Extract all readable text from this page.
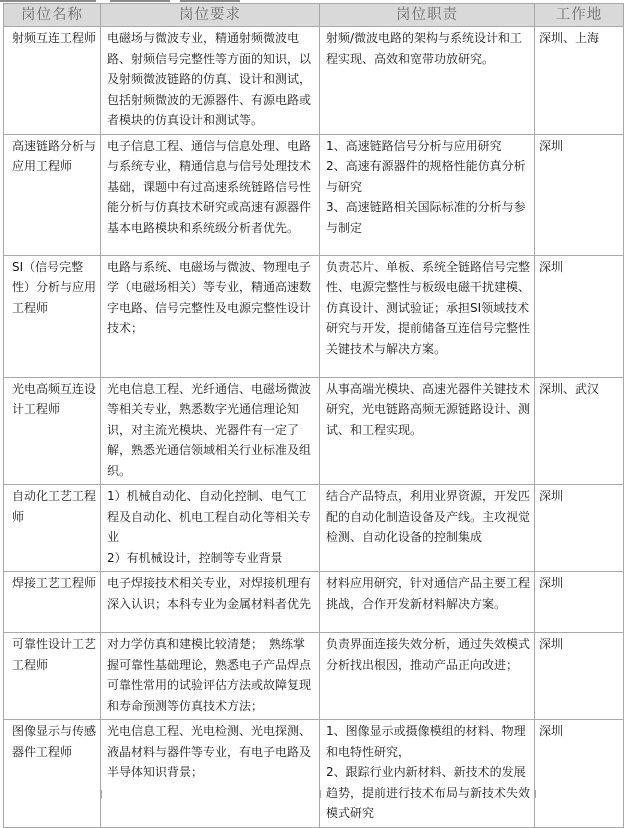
岗位名称	岗位要求	岗位职责	工作地
射频互连工程师	电磁场与微波专业，精通射频微波电路、射频信号完整性等方面的知识，以及射频微波链路的仿真、设计和测试，包括射频微波的无源器件、有源电路或者模块的仿真设计和测试等。	射频/微波电路的架构与系统设计和工程实现、高效和宽带功放研究。	深圳、上海
高速链路分析与应用工程师	电子信息工程、通信与信息处理、电路与系统专业，精通信息与信号处理技术基础，课题中有过高速系统链路信号性能分析与仿真技术研究或高速有源器件基本电路模块和系统级分析者优先。	1、高速链路信号分析与应用研究
2、高速有源器件的规格性能仿真分析与研究
3、高速链路相关国际标准的分析与参与制定	深圳
SI（信号完整性）分析与应用工程师	电路与系统、电磁场与微波、物理电子学（电磁场相关）等专业，精通高速数字电路、信号完整性及电源完整性设计技术；	负责芯片、单板、系统全链路信号完整性、电源完整性与板级电磁干扰建模、仿真设计、测试验证；承担SI领域技术研究与开发，提前储备互连信号完整性关键技术与解决方案。	深圳
光电高频互连设计工程师	光电信息工程、光纤通信、电磁场微波等相关专业，熟悉数字光通信理论知识，对主流光模块、光器件有一定了解，熟悉光通信领域相关行业标准及组织。	从事高端光模块、高速光器件关键技术研究，光电链路高频无源链路设计、测试、和工程实现。	深圳、武汉
自动化工艺工程师	1）机械自动化、自动化控制、电气工程及自动化、机电工程自动化等相关专业
2）有机械设计，控制等专业背景	结合产品特点，利用业界资源，开发匹配的自动化制造设备及产线。主攻视觉检测、自动化设备的控制集成	深圳
焊接工艺工程师	电子焊接技术相关专业，对焊接机理有深入认识；本科专业为金属材料者优先	材料应用研究，针对通信产品主要工程挑战，合作开发新材料解决方案。	深圳
可靠性设计工艺工程师	对力学仿真和建模比较清楚；　熟练掌握可靠性基础理论，熟悉电子产品焊点可靠性常用的试验评估方法或故障复现和寿命预测等仿真技术方法；	负责界面连接失效分析，通过失效模式分析找出根因，推动产品正向改进；	深圳
图像显示与传感器件工程师	光电信息工程、光电检测、光电探测、液晶材料与器件等专业，有电子电路及半导体知识背景；	1、图像显示或摄像模组的材料、物理和电特性研究，
2、跟踪行业内新材料、新技术的发展趋势，提前进行技术布局与新技术失效模式研究	深圳
